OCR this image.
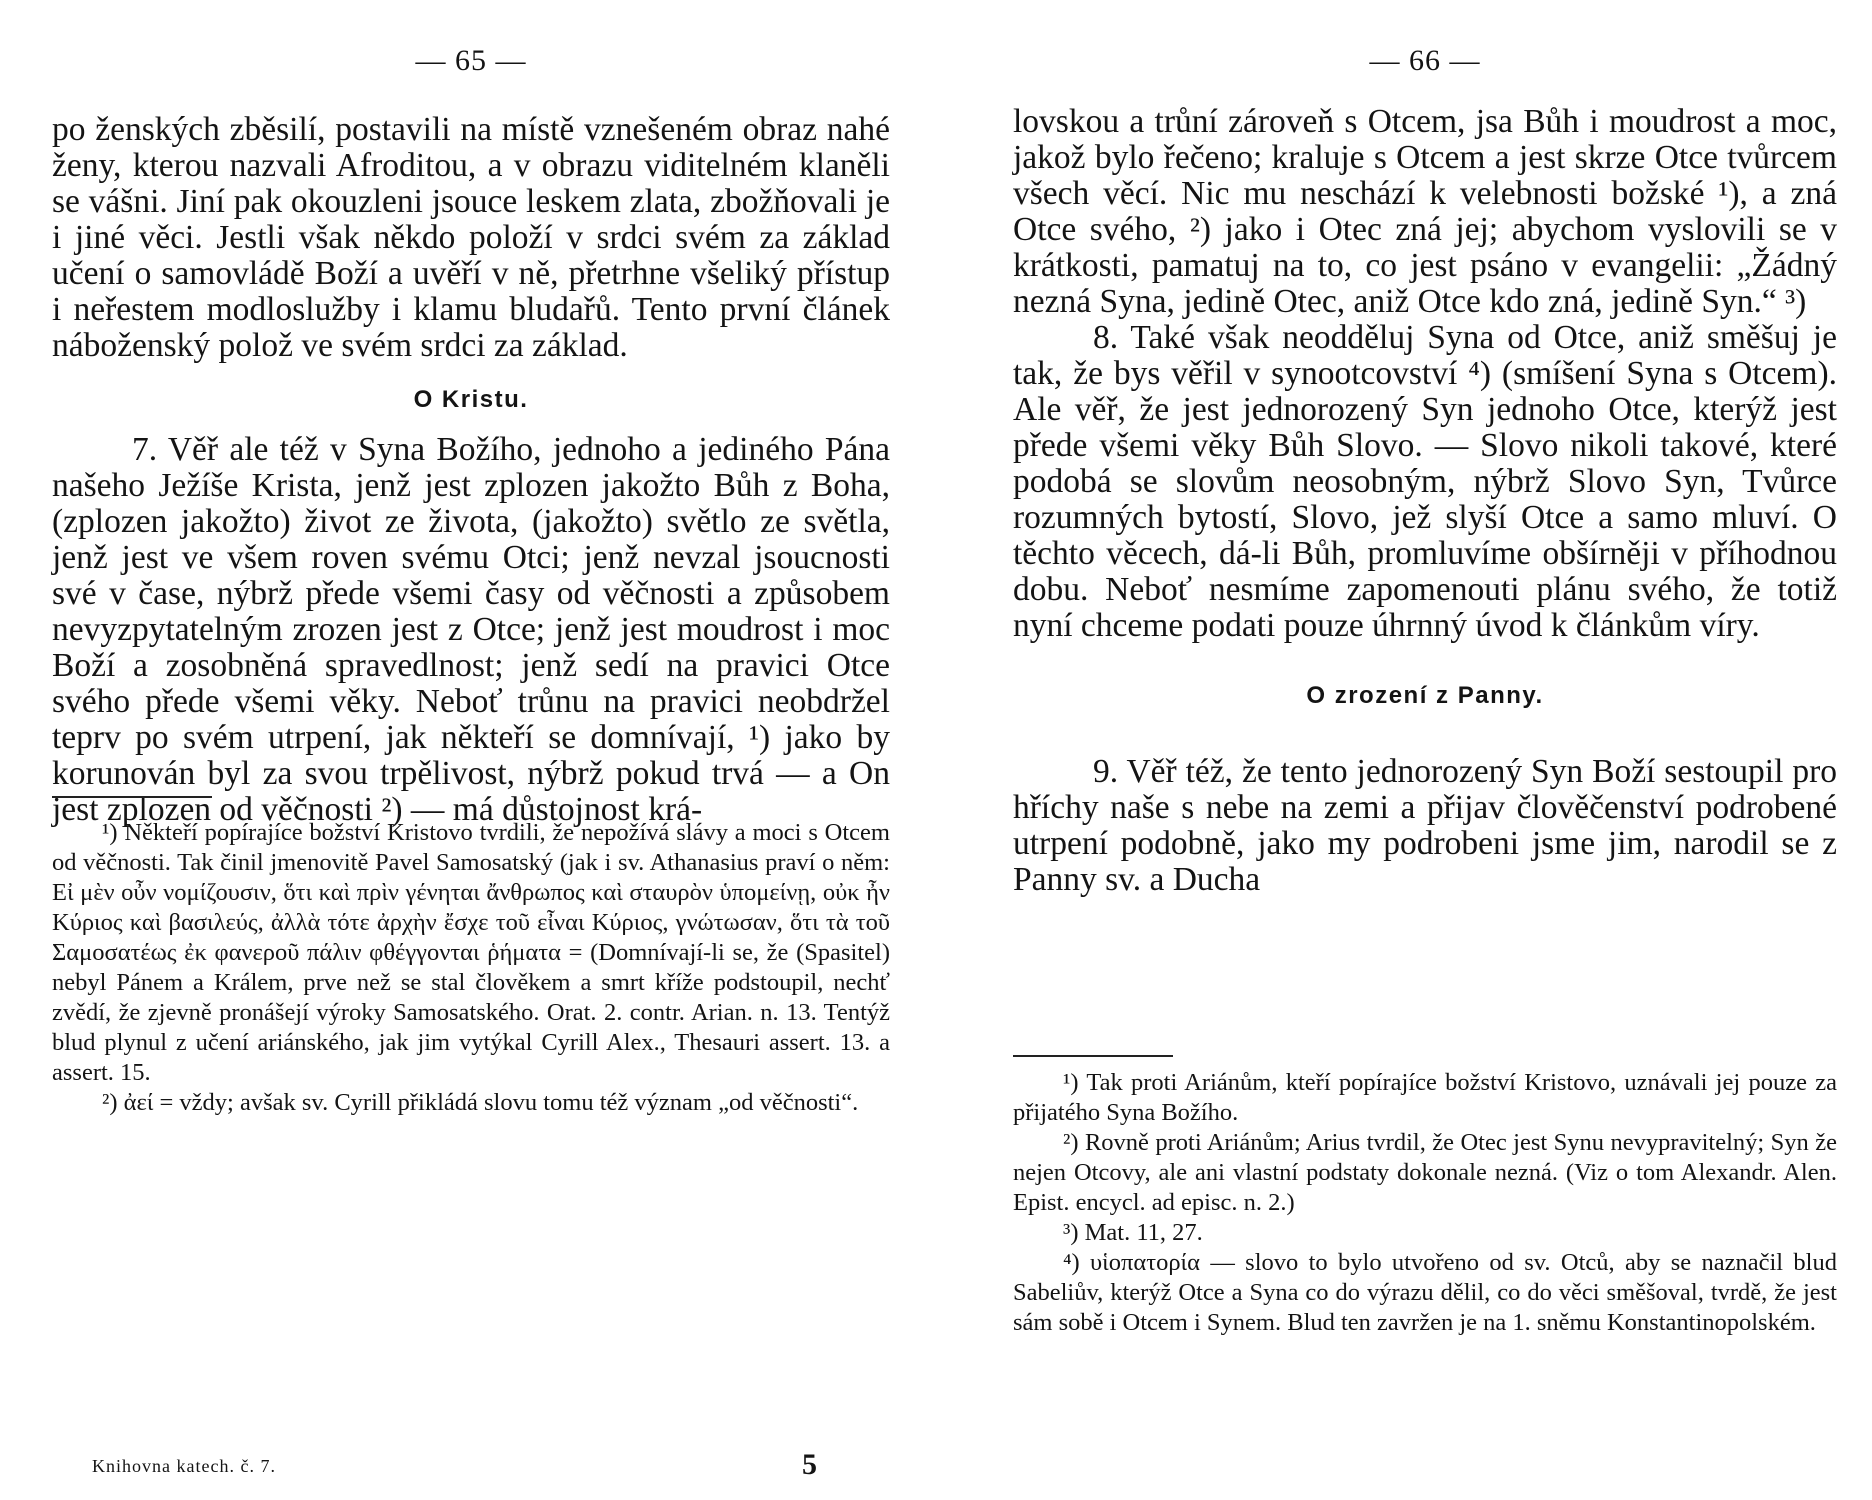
— 65 —

po ženských zběsilí, postavili na místě vznešeném obraz nahé ženy, kterou nazvali Afroditou, a v obrazu viditelném klaněli se vášni. Jiní pak okouzleni jsouce leskem zlata, zbožňovali je i jiné věci. Jestli však někdo položí v srdci svém za základ učení o samovládě Boží a uvěří v ně, přetrhne všeliký přístup i neřestem modloslužby i klamu bludařů. Tento první článek náboženský polož ve svém srdci za základ.

O Kristu.

7. Věř ale též v Syna Božího, jednoho a jediného Pána našeho Ježíše Krista, jenž jest zplozen jakožto Bůh z Boha, (zplozen jakožto) život ze života, (jakožto) světlo ze světla, jenž jest ve všem roven svému Otci; jenž nevzal jsoucnosti své v čase, nýbrž přede všemi časy od věčnosti a způsobem nevyzpytatelným zrozen jest z Otce; jenž jest moudrost i moc Boží a zosobněná spravedlnost; jenž sedí na pravici Otce svého přede všemi věky. Neboť trůnu na pravici neobdržel teprv po svém utrpení, jak někteří se domnívají, ¹) jako by korunován byl za svou trpělivost, nýbrž pokud trvá — a On jest zplozen od věčnosti ²) — má důstojnost krá-

¹) Někteří popírajíce božství Kristovo tvrdili, že nepožívá slávy a moci s Otcem od věčnosti. Tak činil jmenovitě Pavel Samosatský (jak i sv. Athanasius praví o něm: Εἰ μὲν οὖν νομίζουσιν, ὅτι καὶ πρὶν γένηται ἄνθρωπος καὶ σταυρὸν ὑπομείνῃ, οὐκ ἦν Κύριος καὶ βασιλεύς, ἀλλὰ τότε ἀρχὴν ἔσχε τοῦ εἶναι Κύριος, γνώτωσαν, ὅτι τὰ τοῦ Σαμοσατέως ἐκ φανεροῦ πάλιν φθέγγονται ῥήματα = (Domnívají-li se, že (Spasitel) nebyl Pánem a Králem, prve než se stal člověkem a smrt kříže podstoupil, nechť zvědí, že zjevně pronášejí výroky Samosatského. Orat. 2. contr. Arian. n. 13. Tentýž blud plynul z učení ariánského, jak jim vytýkal Cyrill Alex., Thesauri assert. 13. a assert. 15.

²) ἀεί = vždy; avšak sv. Cyrill přikládá slovu tomu též význam „od věčnosti“.

Knihovna katech. č. 7.	5
— 66 —

lovskou a trůní zároveň s Otcem, jsa Bůh i moudrost a moc, jakož bylo řečeno; kraluje s Otcem a jest skrze Otce tvůrcem všech věcí. Nic mu neschází k velebnosti božské ¹), a zná Otce svého, ²) jako i Otec zná jej; abychom vyslovili se v krátkosti, pamatuj na to, co jest psáno v evangelii: „Žádný nezná Syna, jedině Otec, aniž Otce kdo zná, jedině Syn.“ ³)

8. Také však neodděluj Syna od Otce, aniž směšuj je tak, že bys věřil v synootcovství ⁴) (smíšení Syna s Otcem). Ale věř, že jest jednorozený Syn jednoho Otce, kterýž jest přede všemi věky Bůh Slovo. — Slovo nikoli takové, které podobá se slovům neosobným, nýbrž Slovo Syn, Tvůrce rozumných bytostí, Slovo, jež slyší Otce a samo mluví. O těchto věcech, dá-li Bůh, promluvíme obšírněji v příhodnou dobu. Neboť nesmíme zapomenouti plánu svého, že totiž nyní chceme podati pouze úhrnný úvod k článkům víry.

O zrození z Panny.

9. Věř též, že tento jednorozený Syn Boží sestoupil pro hříchy naše s nebe na zemi a přijav člověčenství podrobené utrpení podobně, jako my podrobeni jsme jim, narodil se z Panny sv. a Ducha

¹) Tak proti Ariánům, kteří popírajíce božství Kristovo, uznávali jej pouze za přijatého Syna Božího.

²) Rovně proti Ariánům; Arius tvrdil, že Otec jest Synu nevypravitelný; Syn že nejen Otcovy, ale ani vlastní podstaty dokonale nezná. (Viz o tom Alexandr. Alen. Epist. encycl. ad episc. n. 2.)

³) Mat. 11, 27.

⁴) υἱοπατορία — slovo to bylo utvořeno od sv. Otců, aby se naznačil blud Sabeliův, kterýž Otce a Syna co do výrazu dělil, co do věci směšoval, tvrdě, že jest sám sobě i Otcem i Synem. Blud ten zavržen je na 1. sněmu Konstantinopolském.
